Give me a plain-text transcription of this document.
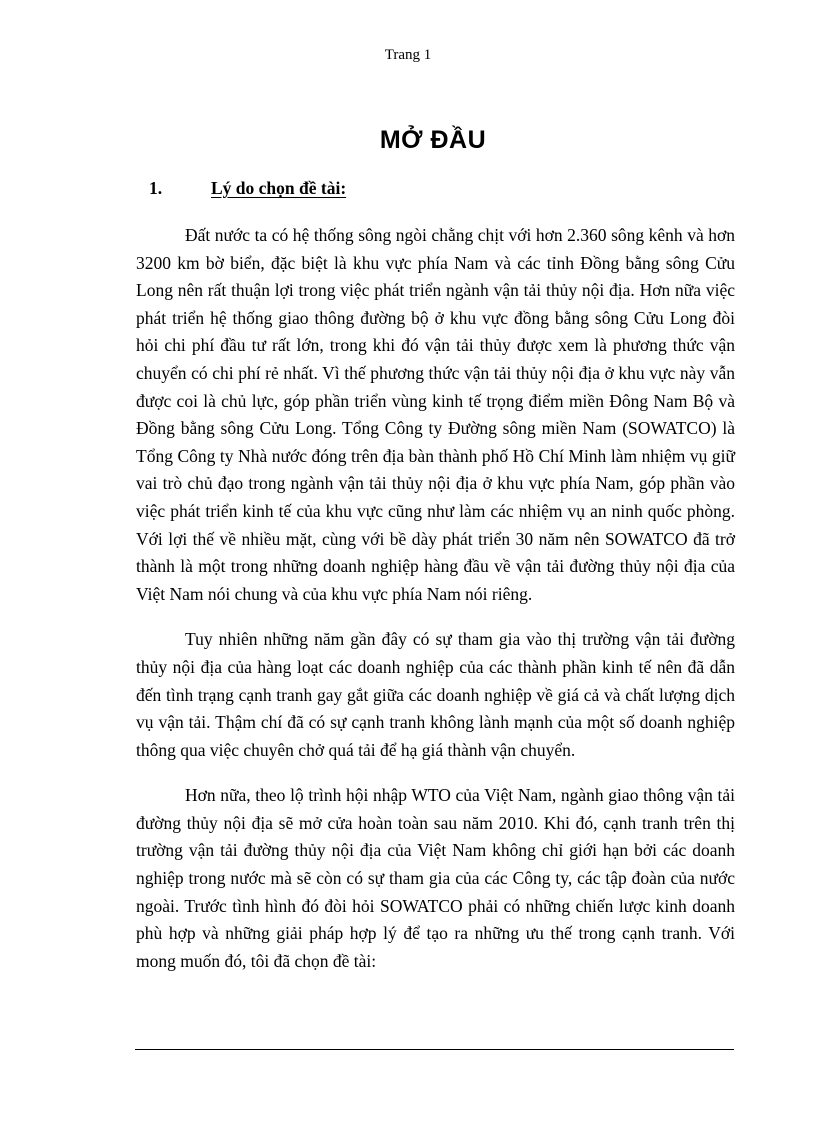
Trang 1
MỞ ĐẦU
1.	Lý do chọn đề tài:

Đất nước ta có hệ thống sông ngòi chằng chịt với hơn 2.360 sông kênh và hơn 3200 km bờ biển, đặc biệt là khu vực phía Nam và các tỉnh Đồng bằng sông Cửu Long nên rất thuận lợi trong việc phát triển ngành vận tải thủy nội địa. Hơn nữa việc phát triển hệ thống giao thông đường bộ ở khu vực đồng bằng sông Cửu Long đòi hỏi chi phí đầu tư rất lớn, trong khi đó vận tải thủy được xem là phương thức vận chuyển có chi phí rẻ nhất. Vì thế phương thức vận tải thủy nội địa ở khu vực này vẫn được coi là chủ lực, góp phần triển vùng kinh tế trọng điểm miền Đông Nam Bộ và Đồng bằng sông Cửu Long. Tổng Công ty Đường sông miền Nam (SOWATCO) là Tổng Công ty Nhà nước đóng trên địa bàn thành phố Hồ Chí Minh làm nhiệm vụ giữ vai trò chủ đạo trong ngành vận tải thủy nội địa ở khu vực phía Nam, góp phần vào việc phát triển kinh tế của khu vực cũng như làm các nhiệm vụ an ninh quốc phòng. Với lợi thế về nhiều mặt, cùng với bề dày phát triển 30 năm nên SOWATCO đã trở thành là một trong những doanh nghiệp hàng đầu về vận tải đường thủy nội địa của Việt Nam nói chung và của khu vực phía Nam nói riêng.

Tuy nhiên những năm gần đây có sự tham gia vào thị trường vận tải đường thủy nội địa của hàng loạt các doanh nghiệp của các thành phần kinh tế nên đã dẫn đến tình trạng cạnh tranh gay gắt giữa các doanh nghiệp về giá cả và chất lượng dịch vụ vận tải. Thậm chí đã có sự cạnh tranh không lành mạnh của một số doanh nghiệp thông qua việc chuyên chở quá tải để hạ giá thành vận chuyển.

Hơn nữa, theo lộ trình hội nhập WTO của Việt Nam, ngành giao thông vận tải đường thủy nội địa sẽ mở cửa hoàn toàn sau năm 2010. Khi đó, cạnh tranh trên thị trường vận tải đường thủy nội địa của Việt Nam không chỉ giới hạn bởi các doanh nghiệp trong nước mà sẽ còn có sự tham gia của các Công ty, các tập đoàn của nước ngoài. Trước tình hình đó đòi hỏi SOWATCO phải có những chiến lược kinh doanh phù hợp và những giải pháp hợp lý để tạo ra những ưu thế trong cạnh tranh. Với mong muốn đó, tôi đã chọn đề tài:
